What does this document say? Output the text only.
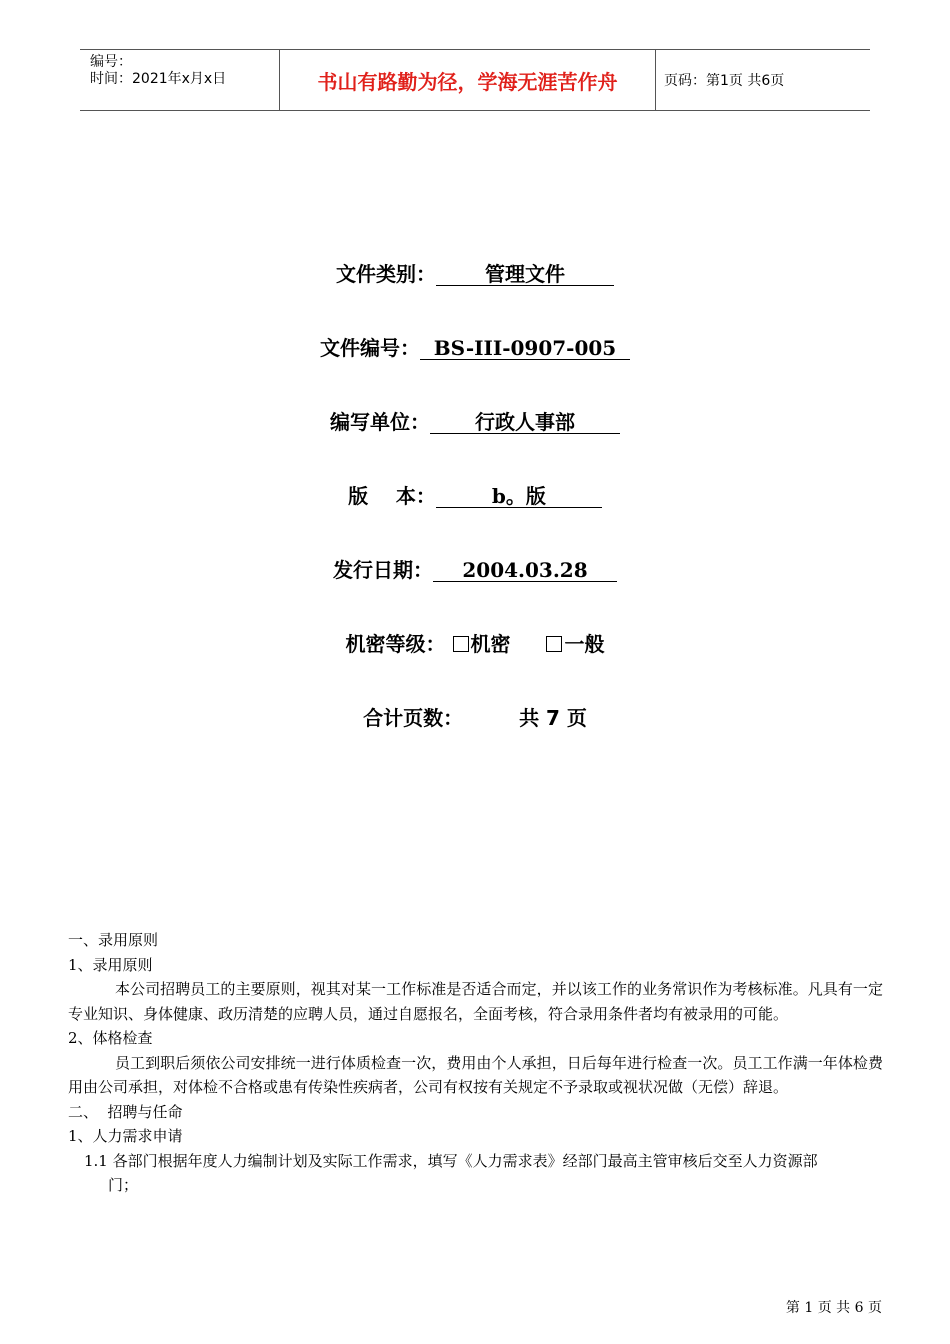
编号：
时间：2021年x月x日	书山有路勤为径，学海无涯苦作舟	页码：第1页 共6页
文件类别： 管理文件
文件编号： BS-III-0907-005
编写单位： 行政人事部
版    本：	b。版
发行日期： 2004.03.28
机密等级： 机密	一般
合计页数：	共 7 页

一、录用原则

1、录用原则

本公司招聘员工的主要原则，视其对某一工作标准是否适合而定，并以该工作的业务常识作为考核标准。凡具有一定专业知识、身体健康、政历清楚的应聘人员，通过自愿报名，全面考核，符合录用条件者均有被录用的可能。

2、体格检查

员工到职后须依公司安排统一进行体质检查一次，费用由个人承担，日后每年进行检查一次。员工工作满一年体检费用由公司承担，对体检不合格或患有传染性疾病者，公司有权按有关规定不予录取或视状况做（无偿）辞退。

二、  招聘与任命

1、人力需求申请

1.1 各部门根据年度人力编制计划及实际工作需求，填写《人力需求表》经部门最高主管审核后交至人力资源部

门；

第 1 页 共 6 页
